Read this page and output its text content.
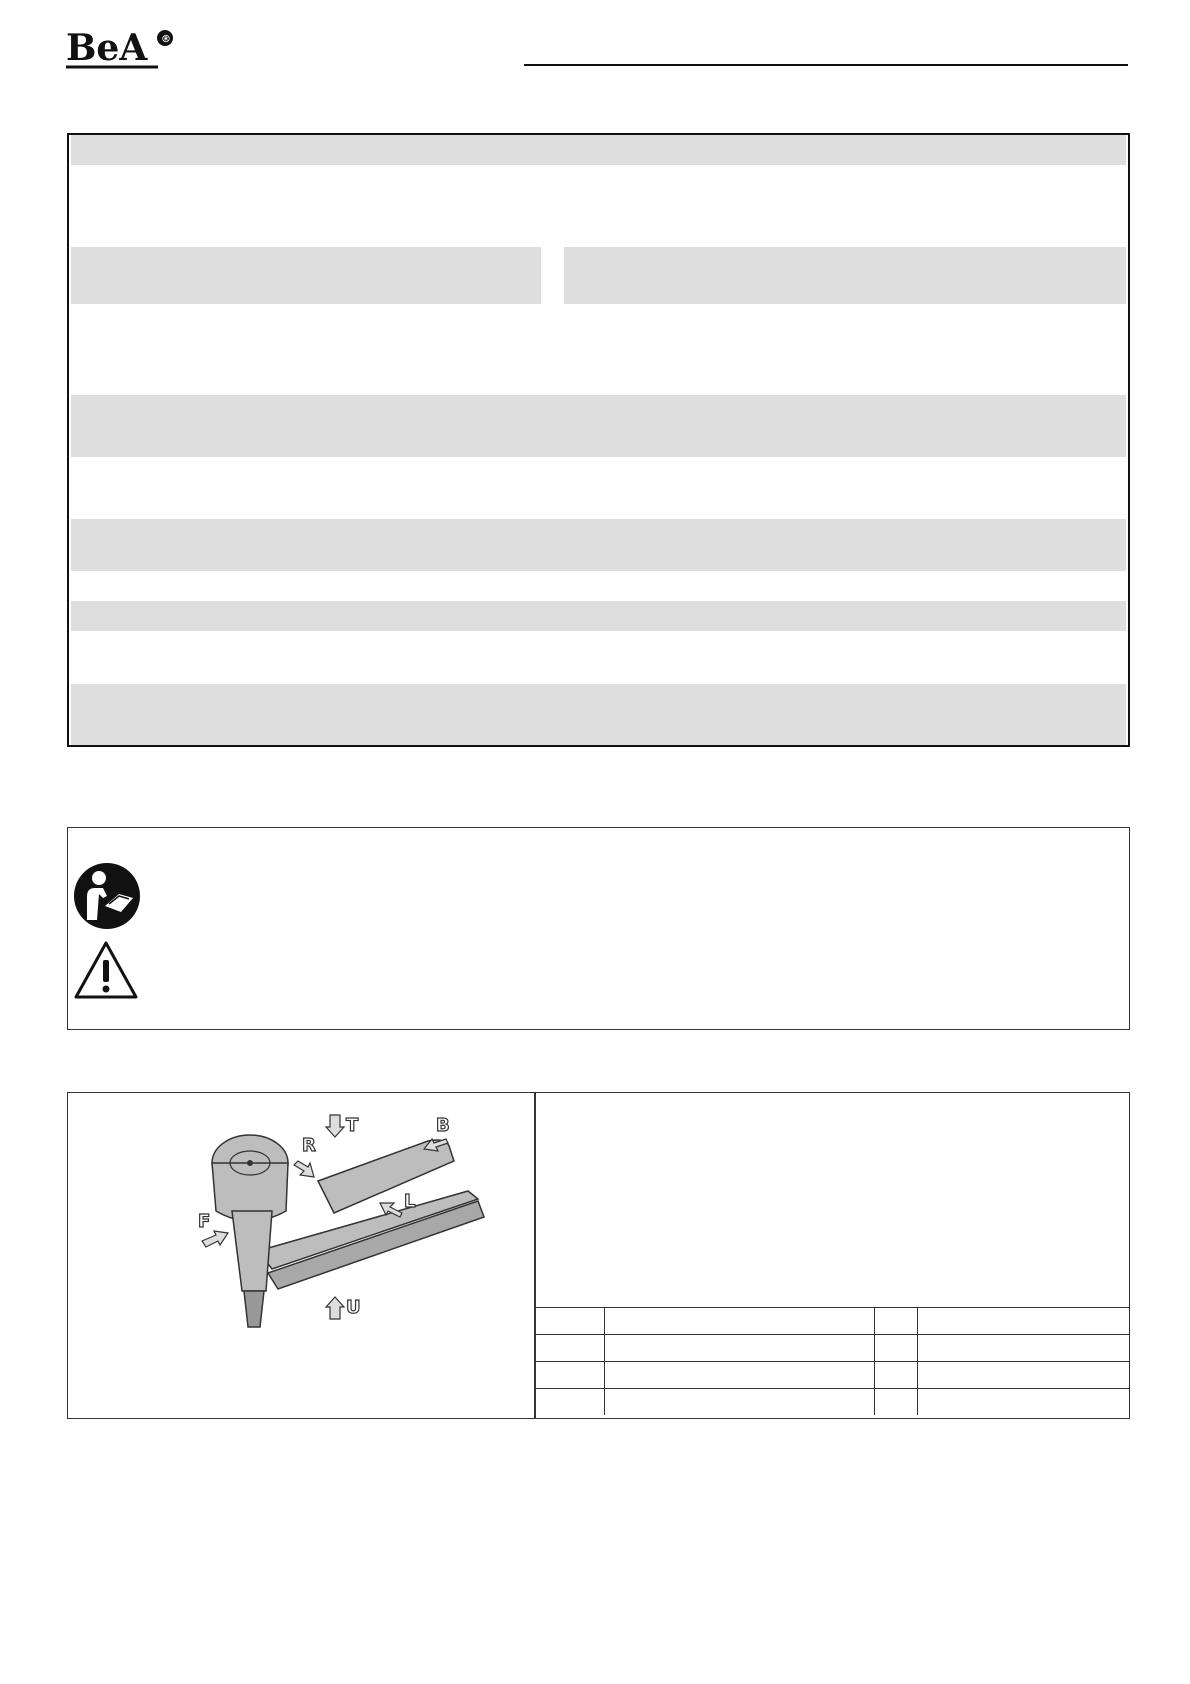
BeA ®
T	B
R
F
L
U
